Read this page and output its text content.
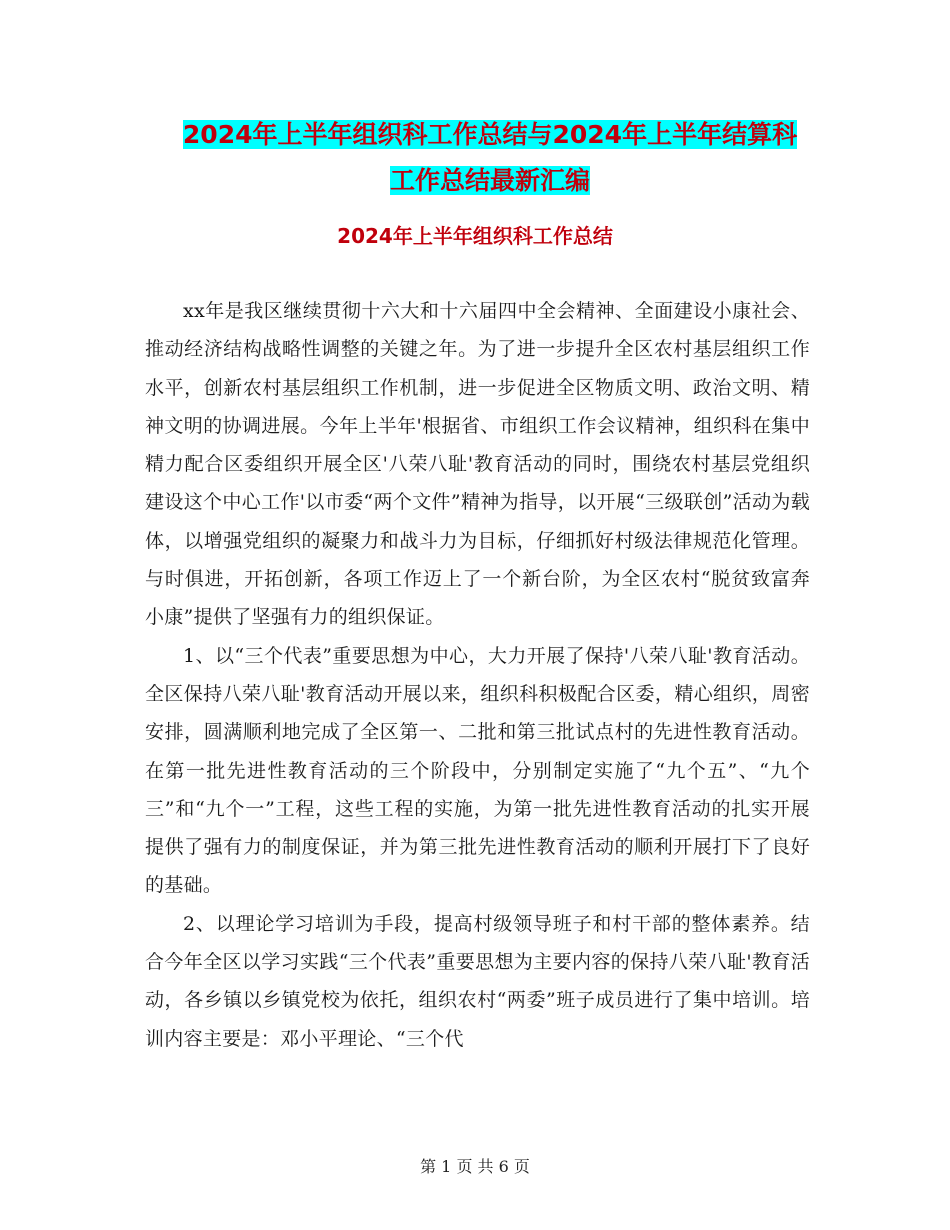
2024年上半年组织科工作总结与2024年上半年结算科
工作总结最新汇编
2024年上半年组织科工作总结

xx年是我区继续贯彻十六大和十六届四中全会精神、全面建设小康社会、推动经济结构战略性调整的关键之年。为了进一步提升全区农村基层组织工作水平，创新农村基层组织工作机制，进一步促进全区物质文明、政治文明、精神文明的协调进展。今年上半年'根据省、市组织工作会议精神，组织科在集中精力配合区委组织开展全区'八荣八耻'教育活动的同时，围绕农村基层党组织建设这个中心工作'以市委“两个文件”精神为指导，以开展“三级联创”活动为载体，以增强党组织的凝聚力和战斗力为目标，仔细抓好村级法律规范化管理。与时俱进，开拓创新，各项工作迈上了一个新台阶，为全区农村“脱贫致富奔小康”提供了坚强有力的组织保证。

1、以“三个代表”重要思想为中心，大力开展了保持'八荣八耻'教育活动。全区保持八荣八耻'教育活动开展以来，组织科积极配合区委，精心组织，周密安排，圆满顺利地完成了全区第一、二批和第三批试点村的先进性教育活动。在第一批先进性教育活动的三个阶段中，分别制定实施了“九个五”、“九个三”和“九个一”工程，这些工程的实施，为第一批先进性教育活动的扎实开展提供了强有力的制度保证，并为第三批先进性教育活动的顺利开展打下了良好的基础。

2、以理论学习培训为手段，提高村级领导班子和村干部的整体素养。结合今年全区以学习实践“三个代表”重要思想为主要内容的保持八荣八耻'教育活动，各乡镇以乡镇党校为依托，组织农村“两委”班子成员进行了集中培训。培训内容主要是：邓小平理论、“三个代

第 1 页 共 6 页
